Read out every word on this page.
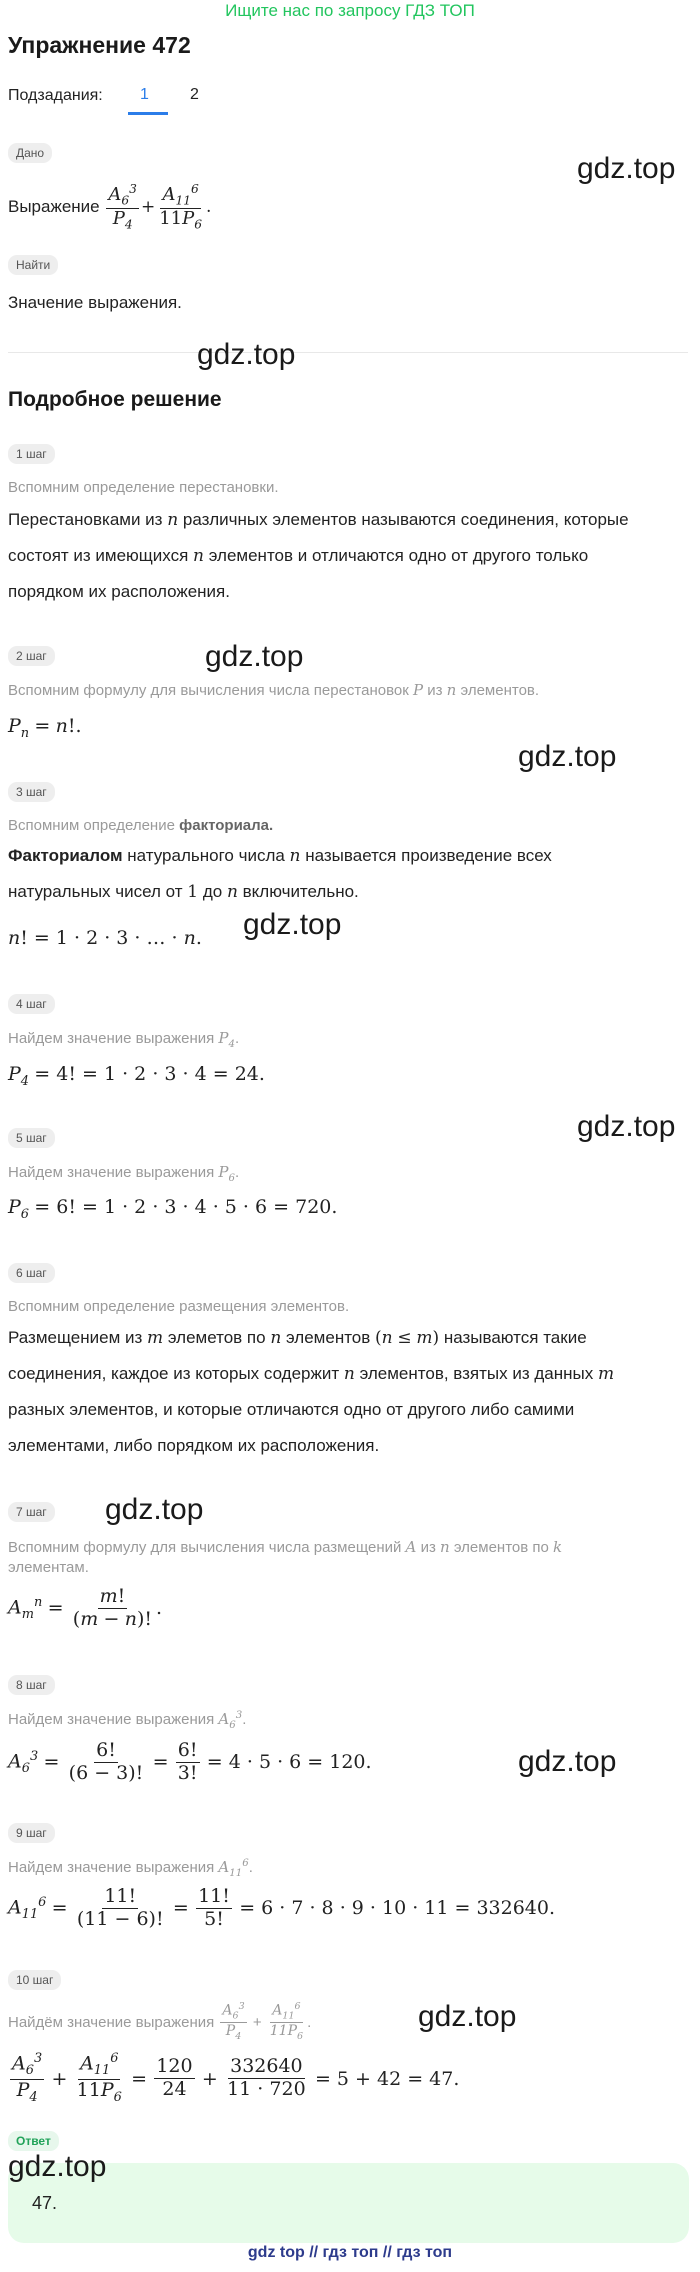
Ищите нас по запросу ГДЗ ТОП
Упражнение 472
Подзадания: 1	2
Дано
Выражение
$\frac{A_6^3}{P_4} + \frac{A_{11}^6}{11P_6}$ .
Найти
Значение выражения.
Подробное решение
1 шаг
Вспомним определение перестановки.
Перестановками из n различных элементов называются соединения, которые
состоят из имеющихся n элементов и отличаются одно от другого только
порядком их расположения.
2 шаг
Вспомним формулу для вычисления числа перестановок P из n элементов.
$P_n = n$!.
3 шаг
Вспомним определение факториала.
Факториалом натурального числа n называется произведение всех
натуральных чисел от 1 до n включительно.
n! = 1 · 2 · 3 · … · n.
4 шаг
Найдем значение выражения $P_4$.
$P_4 = 4$! = 1 · 2 · 3 · 4 = 24.
5 шаг
Найдем значение выражения $P_6$.
$P_6 = 6$! = 1 · 2 · 3 · 4 · 5 · 6 = 720.
6 шаг
Вспомним определение размещения элементов.
Размещением из m элеметов по n элементов (n ≤ m) называются такие
соединения, каждое из которых содержит n элементов, взятых из данных m
разных элементов, и которые отличаются одно от другого либо самими
элементами, либо порядком их расположения.
7 шаг
Вспомним формулу для вычисления числа размещений A из n элементов по k
элементам.
$A_m^n$
=
$\frac{m!}{(m - n)!}$ .
8 шаг
Найдем значение выражения $A_6^3$.
$A_6^3$
=
$\frac{6!}{(6 - 3)!}$
=
$\frac{6!}{3!}$
= 4 · 5 · 6 = 120.
9 шаг
Найдем значение выражения $A_{11}^6$.
$A_{11}^6$
=
$\frac{11!}{(11 - 6)!}$
=
$\frac{11!}{5!}$
= 6 · 7 · 8 · 9 · 10 · 11 = 332640.
10 шаг
Найдём значение выражения
$\frac{A_6^3}{P_4} + \frac{A_{11}^6}{11P_6}$ .
$\frac{A_6^3}{P_4}$
+
$\frac{A_{11}^6}{11P_6}$
=
$\frac{120}{24}$
+
$\frac{332640}{11 \cdot 720}$
= 5 + 42 = 47.
Ответ
47.
gdz.top
gdz.top
gdz.top
gdz.top
gdz.top
gdz.top
gdz.top
gdz.top
gdz.top
gdz.top
gdz top // гдз топ // гдз топ
